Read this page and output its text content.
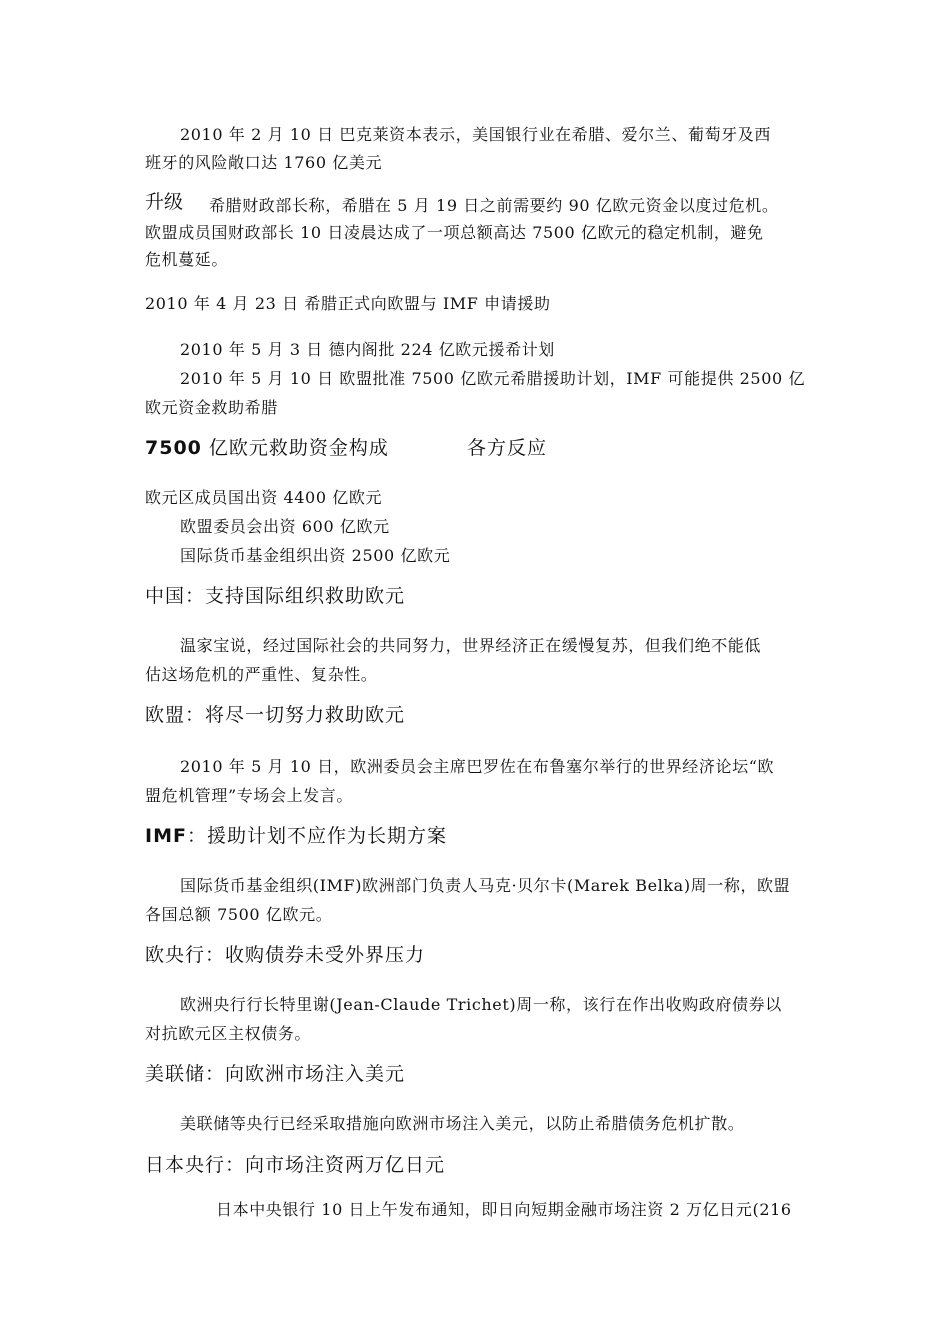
2010 年 2 月 10 日 巴克莱资本表示，美国银行业在希腊、爱尔兰、葡萄牙及西
班牙的风险敞口达 1760 亿美元
升级 希腊财政部长称，希腊在 5 月 19 日之前需要约 90 亿欧元资金以度过危机。
欧盟成员国财政部长 10 日凌晨达成了一项总额高达 7500 亿欧元的稳定机制，避免
危机蔓延。
2010 年 4 月 23 日 希腊正式向欧盟与 IMF 申请援助
2010 年 5 月 3 日 德内阁批 224 亿欧元援希计划
2010 年 5 月 10 日 欧盟批准 7500 亿欧元希腊援助计划，IMF 可能提供 2500 亿
欧元资金救助希腊
7500 亿欧元救助资金构成	各方反应
欧元区成员国出资 4400 亿欧元
欧盟委员会出资 600 亿欧元
国际货币基金组织出资 2500 亿欧元
中国：支持国际组织救助欧元
温家宝说，经过国际社会的共同努力，世界经济正在缓慢复苏，但我们绝不能低
估这场危机的严重性、复杂性。
欧盟：将尽一切努力救助欧元
2010 年 5 月 10 日，欧洲委员会主席巴罗佐在布鲁塞尔举行的世界经济论坛“欧
盟危机管理”专场会上发言。
IMF：援助计划不应作为长期方案
国际货币基金组织(IMF)欧洲部门负责人马克·贝尔卡(Marek Belka)周一称，欧盟
各国总额 7500 亿欧元。
欧央行：收购债券未受外界压力
欧洲央行行长特里谢(Jean-Claude Trichet)周一称，该行在作出收购政府债券以
对抗欧元区主权债务。
美联储：向欧洲市场注入美元
美联储等央行已经采取措施向欧洲市场注入美元，以防止希腊债务危机扩散。
日本央行：向市场注资两万亿日元
日本中央银行 10 日上午发布通知，即日向短期金融市场注资 2 万亿日元(216
